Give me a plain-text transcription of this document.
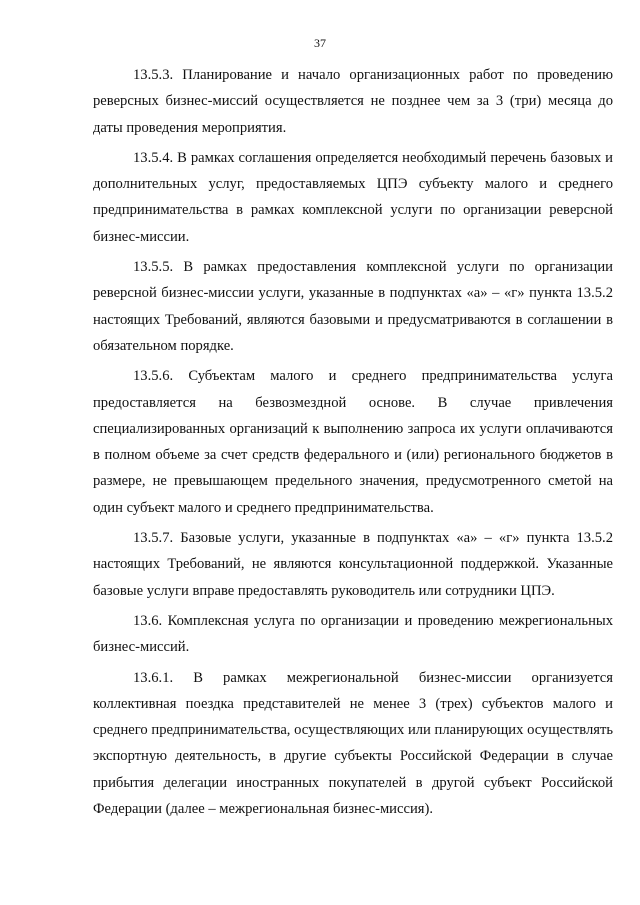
37

13.5.3. Планирование и начало организационных работ по проведению реверсных бизнес-миссий осуществляется не позднее чем за 3 (три) месяца до даты проведения мероприятия.

13.5.4. В рамках соглашения определяется необходимый перечень базовых и дополнительных услуг, предоставляемых ЦПЭ субъекту малого и среднего предпринимательства в рамках комплексной услуги по организации реверсной бизнес-миссии.

13.5.5. В рамках предоставления комплексной услуги по организации реверсной бизнес-миссии услуги, указанные в подпунктах «а» – «г» пункта 13.5.2 настоящих Требований, являются базовыми и предусматриваются в соглашении в обязательном порядке.

13.5.6. Субъектам малого и среднего предпринимательства услуга предоставляется на безвозмездной основе. В случае привлечения специализированных организаций к выполнению запроса их услуги оплачиваются в полном объеме за счет средств федерального и (или) регионального бюджетов в размере, не превышающем предельного значения, предусмотренного сметой на один субъект малого и среднего предпринимательства.

13.5.7. Базовые услуги, указанные в подпунктах «а» – «г» пункта 13.5.2 настоящих Требований, не являются консультационной поддержкой. Указанные базовые услуги вправе предоставлять руководитель или сотрудники ЦПЭ.

13.6. Комплексная услуга по организации и проведению межрегиональных бизнес-миссий.

13.6.1. В рамках межрегиональной бизнес-миссии организуется коллективная поездка представителей не менее 3 (трех) субъектов малого и среднего предпринимательства, осуществляющих или планирующих осуществлять экспортную деятельность, в другие субъекты Российской Федерации в случае прибытия делегации иностранных покупателей в другой субъект Российской Федерации (далее – межрегиональная бизнес-миссия).
